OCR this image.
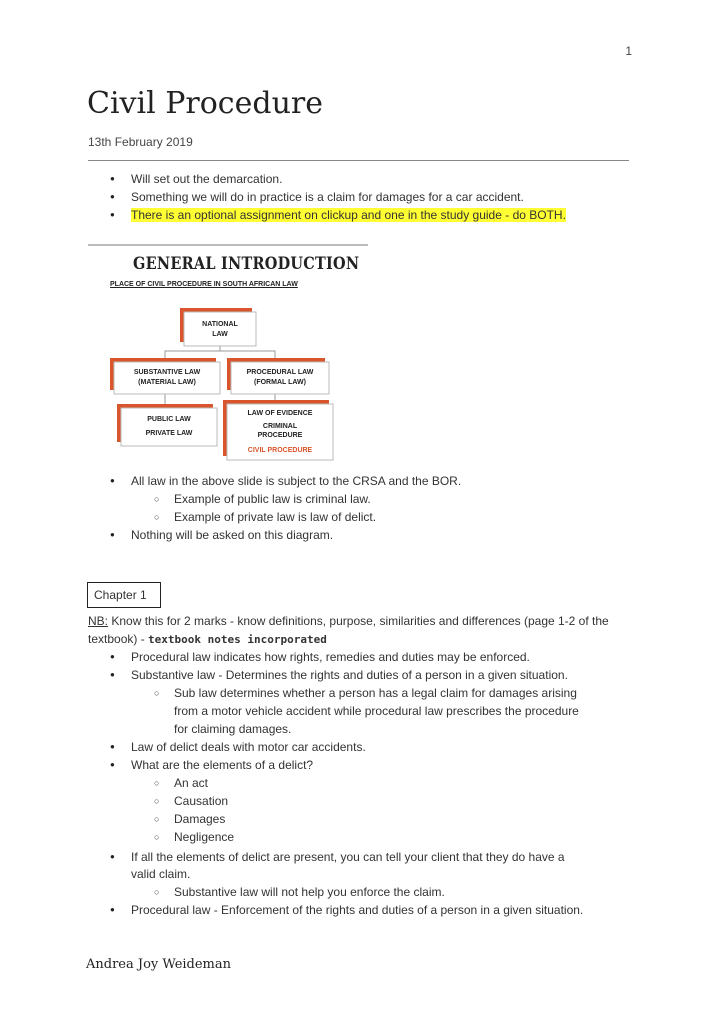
1
Civil Procedure
13th February 2019
● Will set out the demarcation.
● Something we will do in practice is a claim for damages for a car accident.
● There is an optional assignment on clickup and one in the study guide - do BOTH.
GENERAL INTRODUCTION
PLACE OF CIVIL PROCEDURE IN SOUTH AFRICAN LAW
NATIONAL
LAW
SUBSTANTIVE LAW
(MATERIAL LAW)
PROCEDURAL LAW
(FORMAL LAW)
PUBLIC LAW
PRIVATE LAW
LAW OF EVIDENCE
CRIMINAL
PROCEDURE
CIVIL PROCEDURE
● All law in the above slide is subject to the CRSA and the BOR.
○ Example of public law is criminal law.
○ Example of private law is law of delict.
● Nothing will be asked on this diagram.
Chapter 1
NB: Know this for 2 marks - know definitions, purpose, similarities and differences (page 1-2 of the textbook) - textbook notes incorporated
● Procedural law indicates how rights, remedies and duties may be enforced.
● Substantive law - Determines the rights and duties of a person in a given situation.
○ Sub law determines whether a person has a legal claim for damages arising
from a motor vehicle accident while procedural law prescribes the procedure
for claiming damages.
● Law of delict deals with motor car accidents.
● What are the elements of a delict?
○ An act
○ Causation
○ Damages
○ Negligence
● If all the elements of delict are present, you can tell your client that they do have a
valid claim.
○ Substantive law will not help you enforce the claim.
● Procedural law - Enforcement of the rights and duties of a person in a given situation.
Andrea Joy Weideman
